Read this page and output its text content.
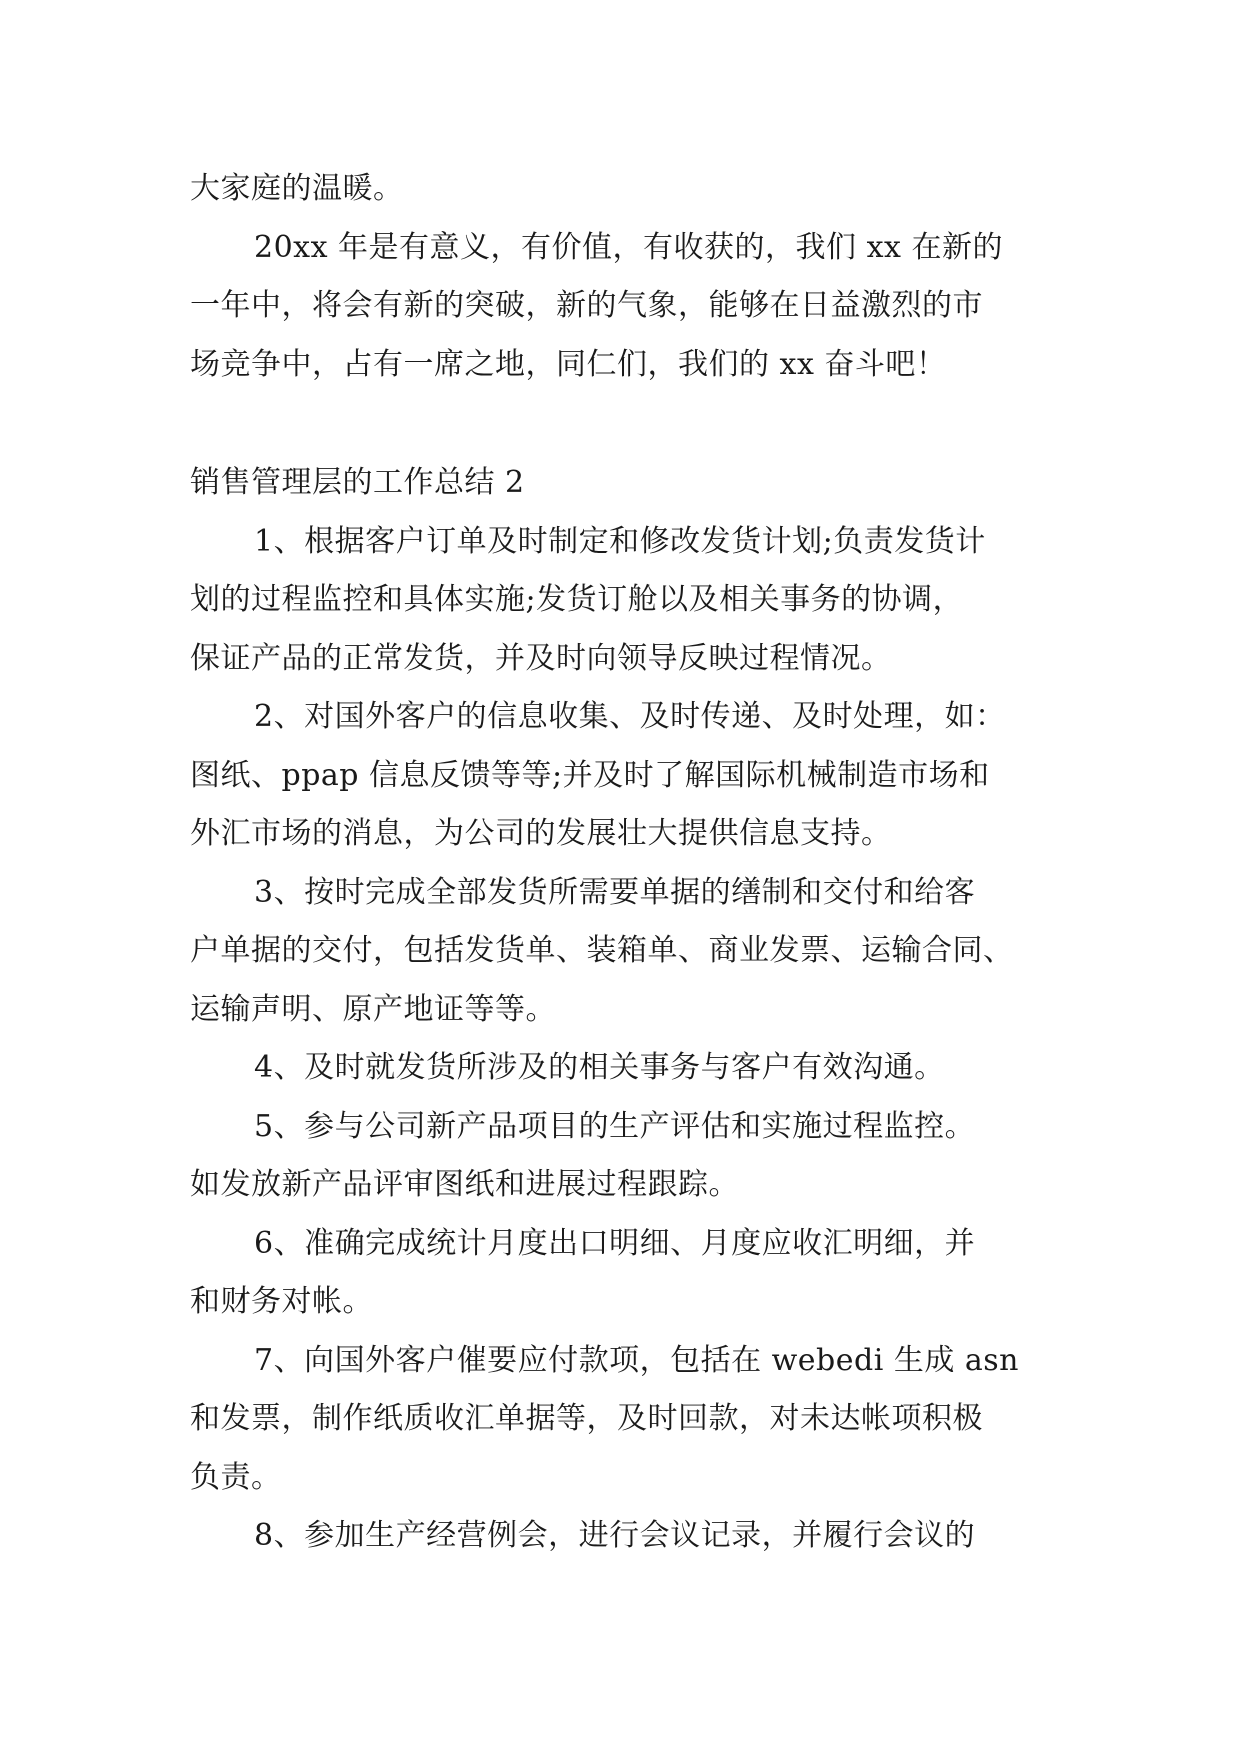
大家庭的温暖。
20xx 年是有意义，有价值，有收获的，我们 xx 在新的
一年中，将会有新的突破，新的气象，能够在日益激烈的市
场竞争中，占有一席之地，同仁们，我们的 xx 奋斗吧！
销售管理层的工作总结 2
1、根据客户订单及时制定和修改发货计划;负责发货计
划的过程监控和具体实施;发货订舱以及相关事务的协调，
保证产品的正常发货，并及时向领导反映过程情况。
2、对国外客户的信息收集、及时传递、及时处理，如：
图纸、ppap 信息反馈等等;并及时了解国际机械制造市场和
外汇市场的消息，为公司的发展壮大提供信息支持。
3、按时完成全部发货所需要单据的缮制和交付和给客
户单据的交付，包括发货单、装箱单、商业发票、运输合同、
运输声明、原产地证等等。
4、及时就发货所涉及的相关事务与客户有效沟通。
5、参与公司新产品项目的生产评估和实施过程监控。
如发放新产品评审图纸和进展过程跟踪。
6、准确完成统计月度出口明细、月度应收汇明细，并
和财务对帐。
7、向国外客户催要应付款项，包括在 webedi 生成 asn
和发票，制作纸质收汇单据等，及时回款，对未达帐项积极
负责。
8、参加生产经营例会，进行会议记录，并履行会议的
